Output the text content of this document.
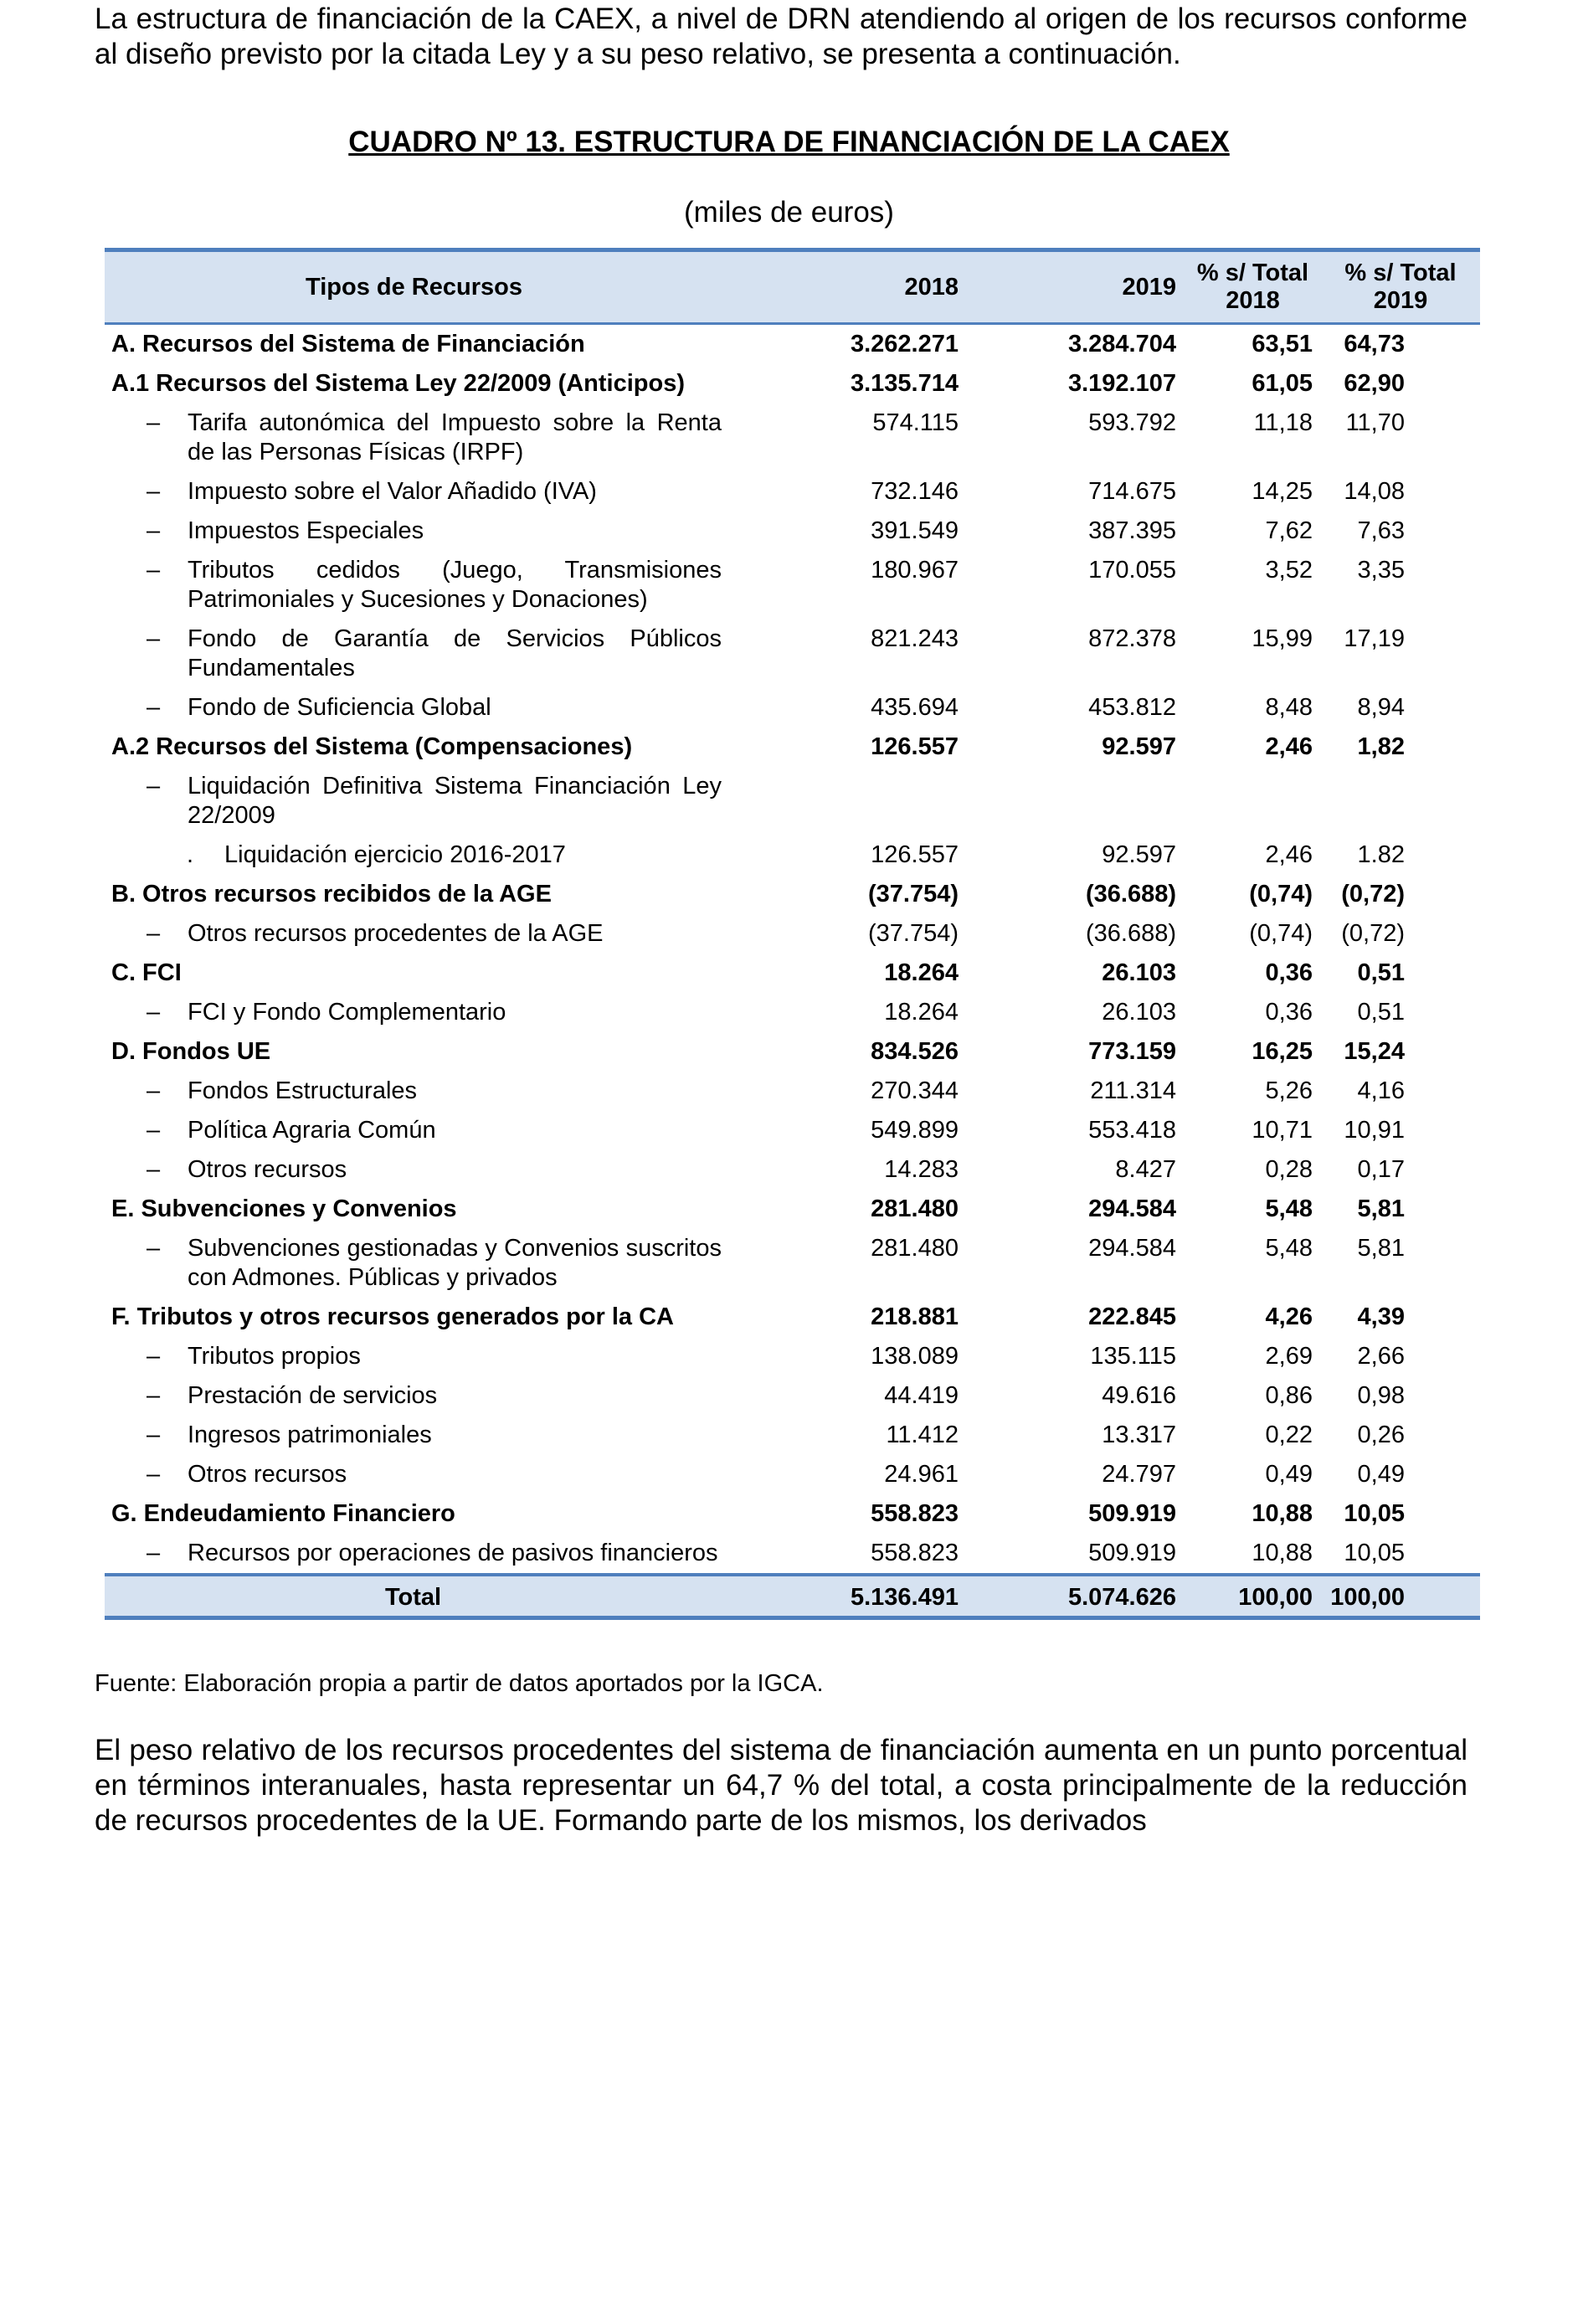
La estructura de financiación de la CAEX, a nivel de DRN atendiendo al origen de los recursos conforme al diseño previsto por la citada Ley y a su peso relativo, se presenta a continuación.

CUADRO Nº 13. ESTRUCTURA DE FINANCIACIÓN DE LA CAEX

(miles de euros)

Tipos de Recursos	2018	2019	% s/ Total 2018	% s/ Total 2019
A. Recursos del Sistema de Financiación	3.262.271	3.284.704	63,51	64,73
A.1 Recursos del Sistema Ley 22/2009 (Anticipos)	3.135.714	3.192.107	61,05	62,90

– Tarifa autonómica del Impuesto sobre la Renta de las Personas Físicas (IRPF)	574.115	593.792	11,18	11,70

– Impuesto sobre el Valor Añadido (IVA)	732.146	714.675	14,25	14,08

– Impuestos Especiales	391.549	387.395	7,62	7,63

– Tributos cedidos (Juego, Transmisiones Patrimoniales y Sucesiones y Donaciones)	180.967	170.055	3,52	3,35

– Fondo de Garantía de Servicios Públicos Fundamentales	821.243	872.378	15,99	17,19

– Fondo de Suficiencia Global	435.694	453.812	8,48	8,94
A.2 Recursos del Sistema (Compensaciones)	126.557	92.597	2,46	1,82

– Liquidación Definitiva Sistema Financiación Ley 22/2009				

. Liquidación ejercicio 2016-2017	126.557	92.597	2,46	1.82
B. Otros recursos recibidos de la AGE	(37.754)	(36.688)	(0,74)	(0,72)

– Otros recursos procedentes de la AGE	(37.754)	(36.688)	(0,74)	(0,72)
C. FCI	18.264	26.103	0,36	0,51

– FCI y Fondo Complementario	18.264	26.103	0,36	0,51
D. Fondos UE	834.526	773.159	16,25	15,24

– Fondos Estructurales	270.344	211.314	5,26	4,16

– Política Agraria Común	549.899	553.418	10,71	10,91

– Otros recursos	14.283	8.427	0,28	0,17
E. Subvenciones y Convenios	281.480	294.584	5,48	5,81

– Subvenciones gestionadas y Convenios suscritos con Admones. Públicas y privados	281.480	294.584	5,48	5,81
F. Tributos y otros recursos generados por la CA	218.881	222.845	4,26	4,39

– Tributos propios	138.089	135.115	2,69	2,66

– Prestación de servicios	44.419	49.616	0,86	0,98

– Ingresos patrimoniales	11.412	13.317	0,22	0,26

– Otros recursos	24.961	24.797	0,49	0,49
G. Endeudamiento Financiero	558.823	509.919	10,88	10,05

– Recursos por operaciones de pasivos financieros	558.823	509.919	10,88	10,05
Total	5.136.491	5.074.626	100,00	100,00

Fuente: Elaboración propia a partir de datos aportados por la IGCA.

El peso relativo de los recursos procedentes del sistema de financiación aumenta en un punto porcentual en términos interanuales, hasta representar un 64,7 % del total, a costa principalmente de la reducción de recursos procedentes de la UE. Formando parte de los mismos, los derivados
